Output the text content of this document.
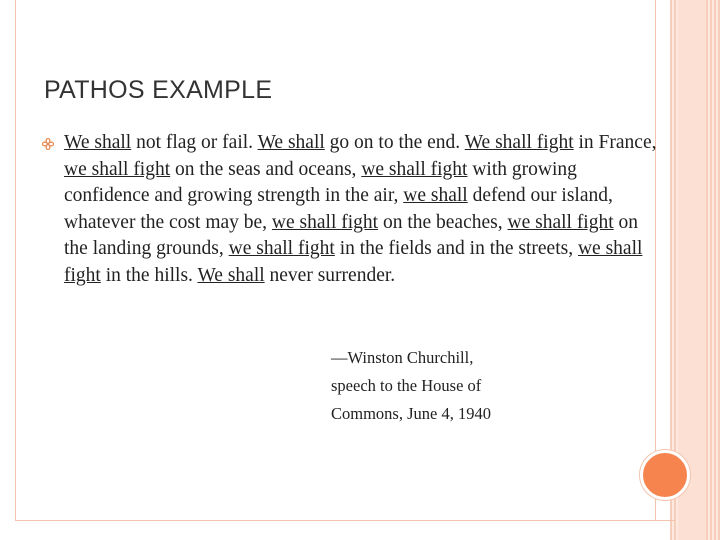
PATHOS EXAMPLE

We shall not flag or fail. We shall go on to the end. We shall fight in France, we shall fight on the seas and oceans, we shall fight with growing confidence and growing strength in the air, we shall defend our island, whatever the cost may be, we shall fight on the beaches, we shall fight on the landing grounds, we shall fight in the fields and in the streets, we shall fight in the hills. We shall never surrender.

—Winston Churchill,
speech to the House of
Commons, June 4, 1940
